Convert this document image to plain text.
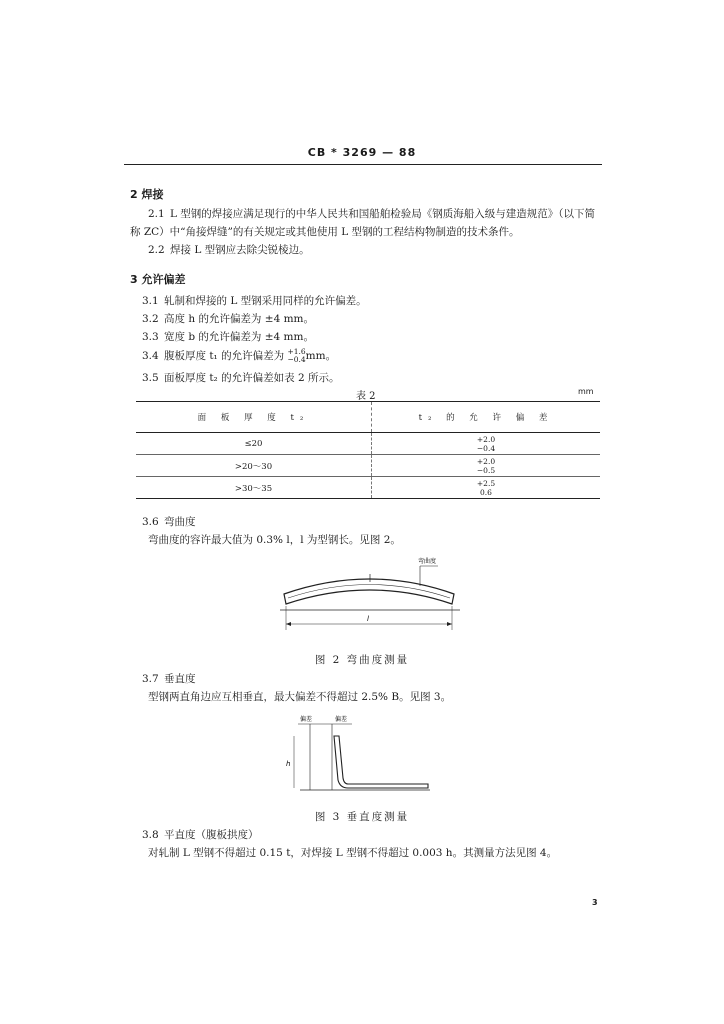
CB * 3269 — 88
2 焊接
2.1 L 型钢的焊接应满足现行的中华人民共和国船舶检验局《钢质海船入级与建造规范》（以下简
称 ZC）中“角接焊缝”的有关规定或其他使用 L 型钢的工程结构物制造的技术条件。
2.2 焊接 L 型钢应去除尖锐棱边。
3 允许偏差
3.1 轧制和焊接的 L 型钢采用同样的允许偏差。
3.2 高度 h 的允许偏差为 ±4 mm。
3.3 宽度 b 的允许偏差为 ±4 mm。
3.4 腹板厚度 t₁ 的允许偏差为 +1.6
−0.4mm。
3.5 面板厚度 t₂ 的允许偏差如表 2 所示。
表 2	mm
面 板 厚 度 t₂	t₂ 的 允 许 偏 差
≤20	+2.0
−0.4

>20～30	+2.0
−0.5

>30～35	+2.5
0.6
3.6 弯曲度
弯曲度的容许最大值为 0.3% l，l 为型钢长。见图 2。
弯曲度
l
图 2 弯曲度测量
3.7 垂直度
型钢两直角边应互相垂直，最大偏差不得超过 2.5% B。见图 3。
偏差	偏差
h
图 3 垂直度测量
3.8 平直度（腹板拱度）
对轧制 L 型钢不得超过 0.15 t，对焊接 L 型钢不得超过 0.003 h。其测量方法见图 4。
3
